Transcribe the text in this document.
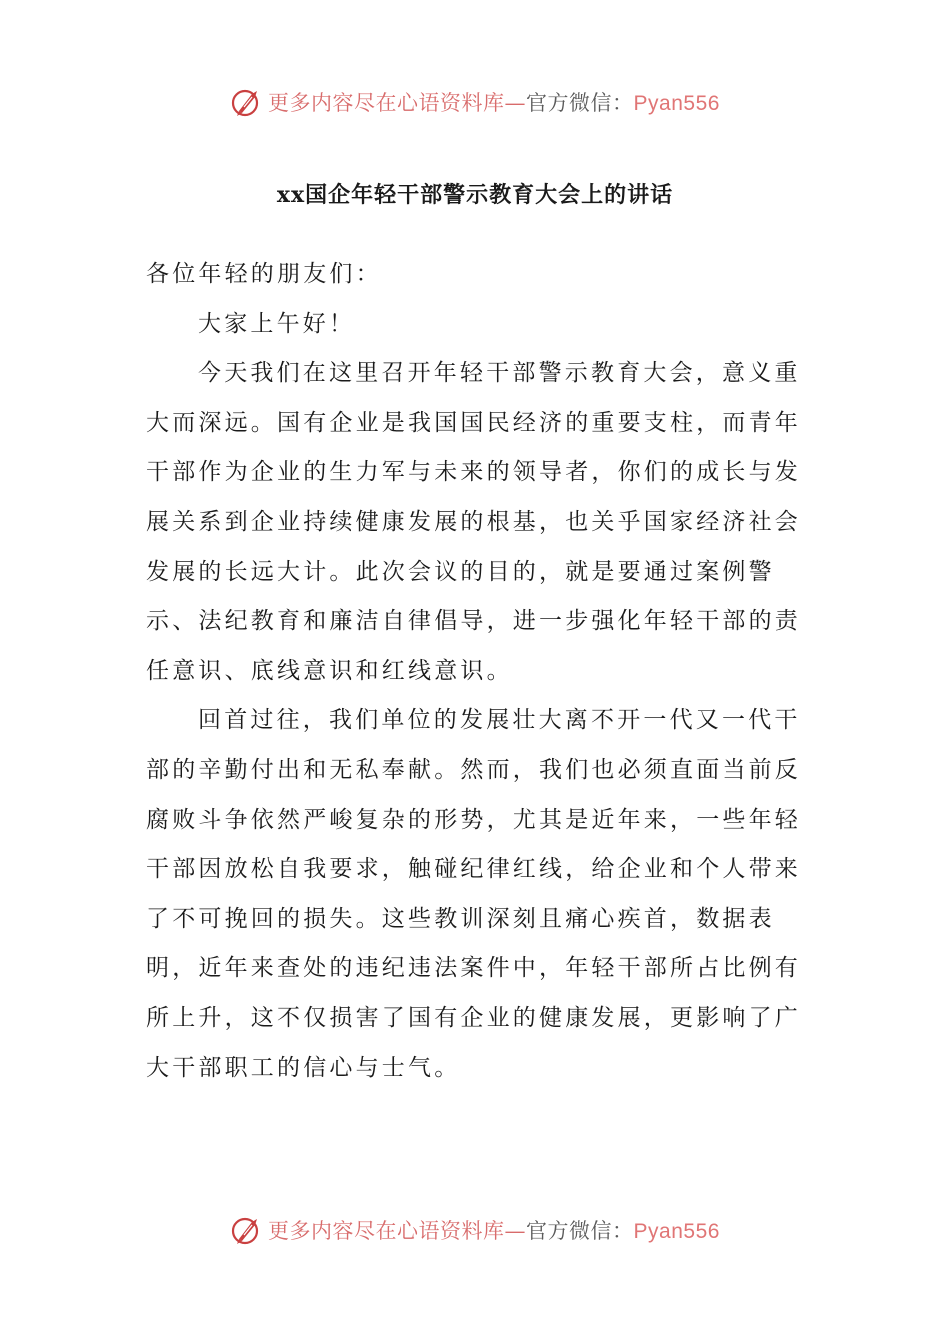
更多内容尽在心语资料库—官方微信：Pyan556
xx国企年轻干部警示教育大会上的讲话

各位年轻的朋友们：

大家上午好！

今天我们在这里召开年轻干部警示教育大会，意义重大而深远。国有企业是我国国民经济的重要支柱，而青年干部作为企业的生力军与未来的领导者，你们的成长与发展关系到企业持续健康发展的根基，也关乎国家经济社会发展的长远大计。此次会议的目的，就是要通过案例警示、法纪教育和廉洁自律倡导，进一步强化年轻干部的责任意识、底线意识和红线意识。

回首过往，我们单位的发展壮大离不开一代又一代干部的辛勤付出和无私奉献。然而，我们也必须直面当前反腐败斗争依然严峻复杂的形势，尤其是近年来，一些年轻干部因放松自我要求，触碰纪律红线，给企业和个人带来了不可挽回的损失。这些教训深刻且痛心疾首，数据表明，近年来查处的违纪违法案件中，年轻干部所占比例有所上升，这不仅损害了国有企业的健康发展，更影响了广大干部职工的信心与士气。

更多内容尽在心语资料库—官方微信：Pyan556
